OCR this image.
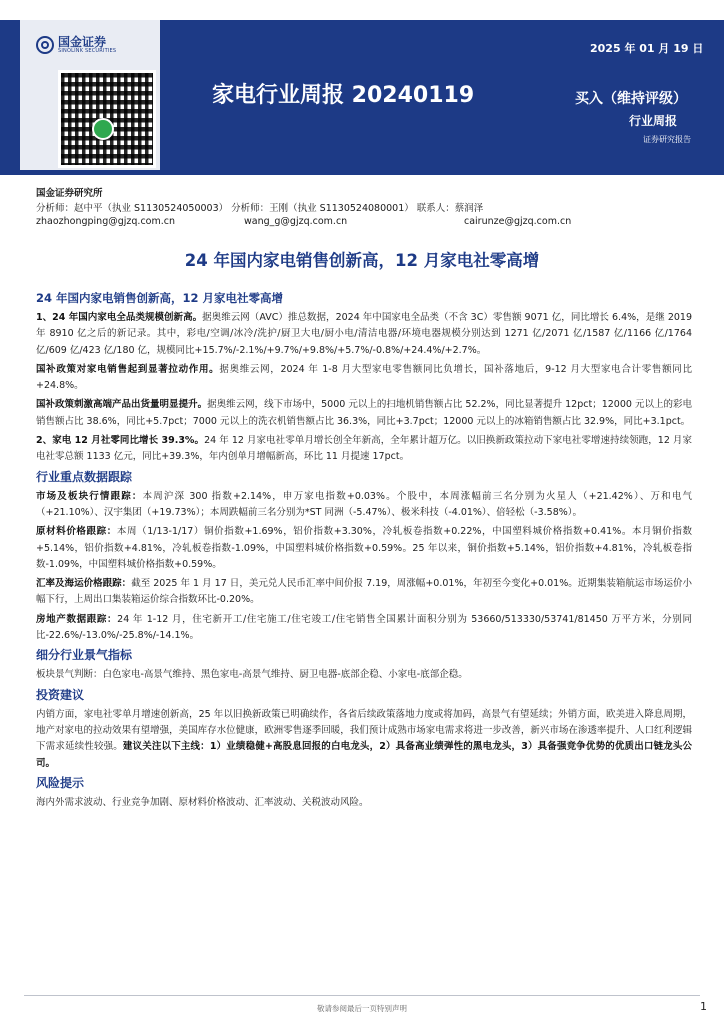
国金证券
SINOLINK SECURITIES	2025 年 01 月 19 日
家电行业周报 20240119	买入（维持评级）
行业周报
证券研究报告
国金证券研究所
分析师：赵中平（执业 S1130524050003） 分析师：王刚（执业 S1130524080001） 联系人：蔡润泽
zhaozhongping@gjzq.com.cn	wang_g@gjzq.com.cn	cairunze@gjzq.com.cn
24 年国内家电销售创新高，12 月家电社零高增
24 年国内家电销售创新高，12 月家电社零高增

1、24 年国内家电全品类规模创新高。据奥维云网（AVC）推总数据，2024 年中国家电全品类（不含 3C）零售额 9071 亿，同比增长 6.4%，是继 2019 年 8910 亿之后的新记录。其中，彩电/空调/冰冷/洗护/厨卫大电/厨小电/清洁电器/环境电器规模分别达到 1271 亿/2071 亿/1587 亿/1166 亿/1764 亿/609 亿/423 亿/180 亿，规模同比+15.7%/-2.1%/+9.7%/+9.8%/+5.7%/-0.8%/+24.4%/+2.7%。

国补政策对家电销售起到显著拉动作用。据奥维云网，2024 年 1-8 月大型家电零售额同比负增长，国补落地后，9-12 月大型家电合计零售额同比+24.8%。

国补政策刺激高端产品出货量明显提升。据奥维云网，线下市场中，5000 元以上的扫地机销售额占比 52.2%，同比显著提升 12pct；12000 元以上的彩电销售额占比 38.6%，同比+5.7pct；7000 元以上的洗衣机销售额占比 36.3%，同比+3.7pct；12000 元以上的冰箱销售额占比 32.9%，同比+3.1pct。

2、家电 12 月社零同比增长 39.3%。24 年 12 月家电社零单月增长创全年新高，全年累计超万亿。以旧换新政策拉动下家电社零增速持续领跑，12 月家电社零总额 1133 亿元，同比+39.3%，年内创单月增幅新高，环比 11 月提速 17pct。

行业重点数据跟踪

市场及板块行情跟踪：本周沪深 300 指数+2.14%，申万家电指数+0.03%。个股中，本周涨幅前三名分别为火星人（+21.42%）、万和电气（+21.10%）、汉宇集团（+19.73%）；本周跌幅前三名分别为*ST 同洲（-5.47%）、极米科技（-4.01%）、倍轻松（-3.58%）。

原材料价格跟踪：本周（1/13-1/17）铜价指数+1.69%，铝价指数+3.30%，冷轧板卷指数+0.22%，中国塑料城价格指数+0.41%。本月铜价指数+5.14%，铝价指数+4.81%，冷轧板卷指数-1.09%，中国塑料城价格指数+0.59%。25 年以来，铜价指数+5.14%，铝价指数+4.81%，冷轧板卷指数-1.09%，中国塑料城价格指数+0.59%。

汇率及海运价格跟踪：截至 2025 年 1 月 17 日，美元兑人民币汇率中间价报 7.19，周涨幅+0.01%，年初至今变化+0.01%。近期集装箱航运市场运价小幅下行，上周出口集装箱运价综合指数环比-0.20%。

房地产数据跟踪：24 年 1-12 月，住宅新开工/住宅施工/住宅竣工/住宅销售全国累计面积分别为 53660/513330/53741/81450 万平方米，分别同比-22.6%/-13.0%/-25.8%/-14.1%。

细分行业景气指标

板块景气判断：白色家电-高景气维持、黑色家电-高景气维持、厨卫电器-底部企稳、小家电-底部企稳。

投资建议

内销方面，家电社零单月增速创新高，25 年以旧换新政策已明确续作，各省后续政策落地力度或将加码，高景气有望延续；外销方面，欧美进入降息周期，地产对家电的拉动效果有望增强，美国库存水位健康，欧洲零售逐季回暖，我们预计成熟市场家电需求将进一步改善，新兴市场在渗透率提升、人口红利逻辑下需求延续性较强。建议关注以下主线：1）业绩稳健+高股息回报的白电龙头，2）具备高业绩弹性的黑电龙头，3）具备强竞争优势的优质出口链龙头公司。

风险提示

海内外需求波动、行业竞争加剧、原材料价格波动、汇率波动、关税波动风险。

敬请参阅最后一页特别声明	1
